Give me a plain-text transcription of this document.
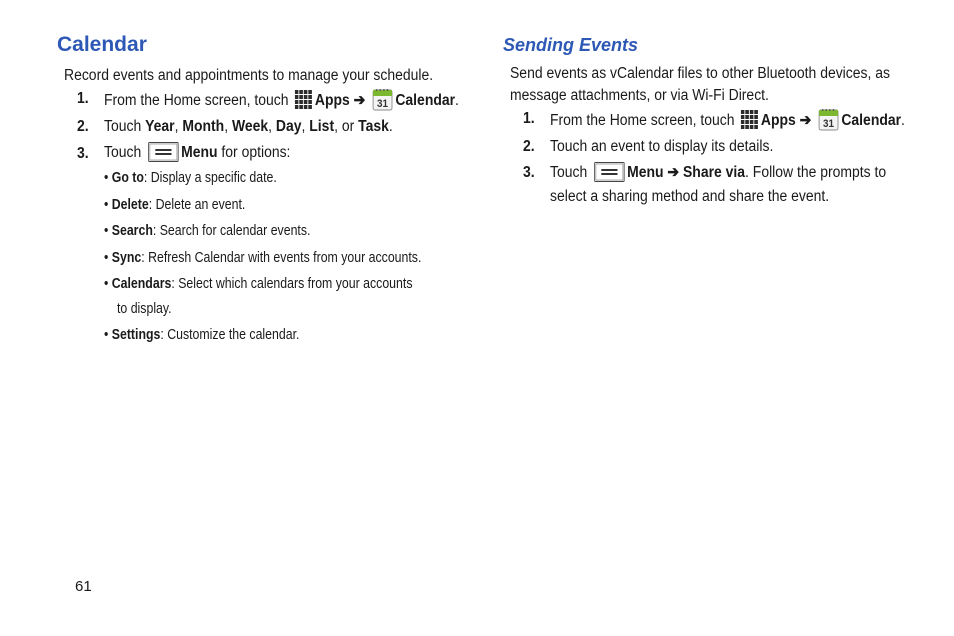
Calendar
Record events and appointments to manage your schedule.
1. From the Home screen, touch Apps ➔ 31 Calendar.
2. Touch Year, Month, Week, Day, List, or Task.
3. Touch	Menu for options:
• Go to: Display a specific date.
• Delete: Delete an event.
• Search: Search for calendar events.
• Sync: Refresh Calendar with events from your accounts.
• Calendars: Select which calendars from your accounts
to display.
• Settings: Customize the calendar.
Sending Events
Send events as vCalendar files to other Bluetooth devices, as
message attachments, or via Wi-Fi Direct.
1. From the Home screen, touch Apps ➔ 31 Calendar.
2. Touch an event to display its details.
3. Touch	Menu ➔ Share via. Follow the prompts to
select a sharing method and share the event.
61
